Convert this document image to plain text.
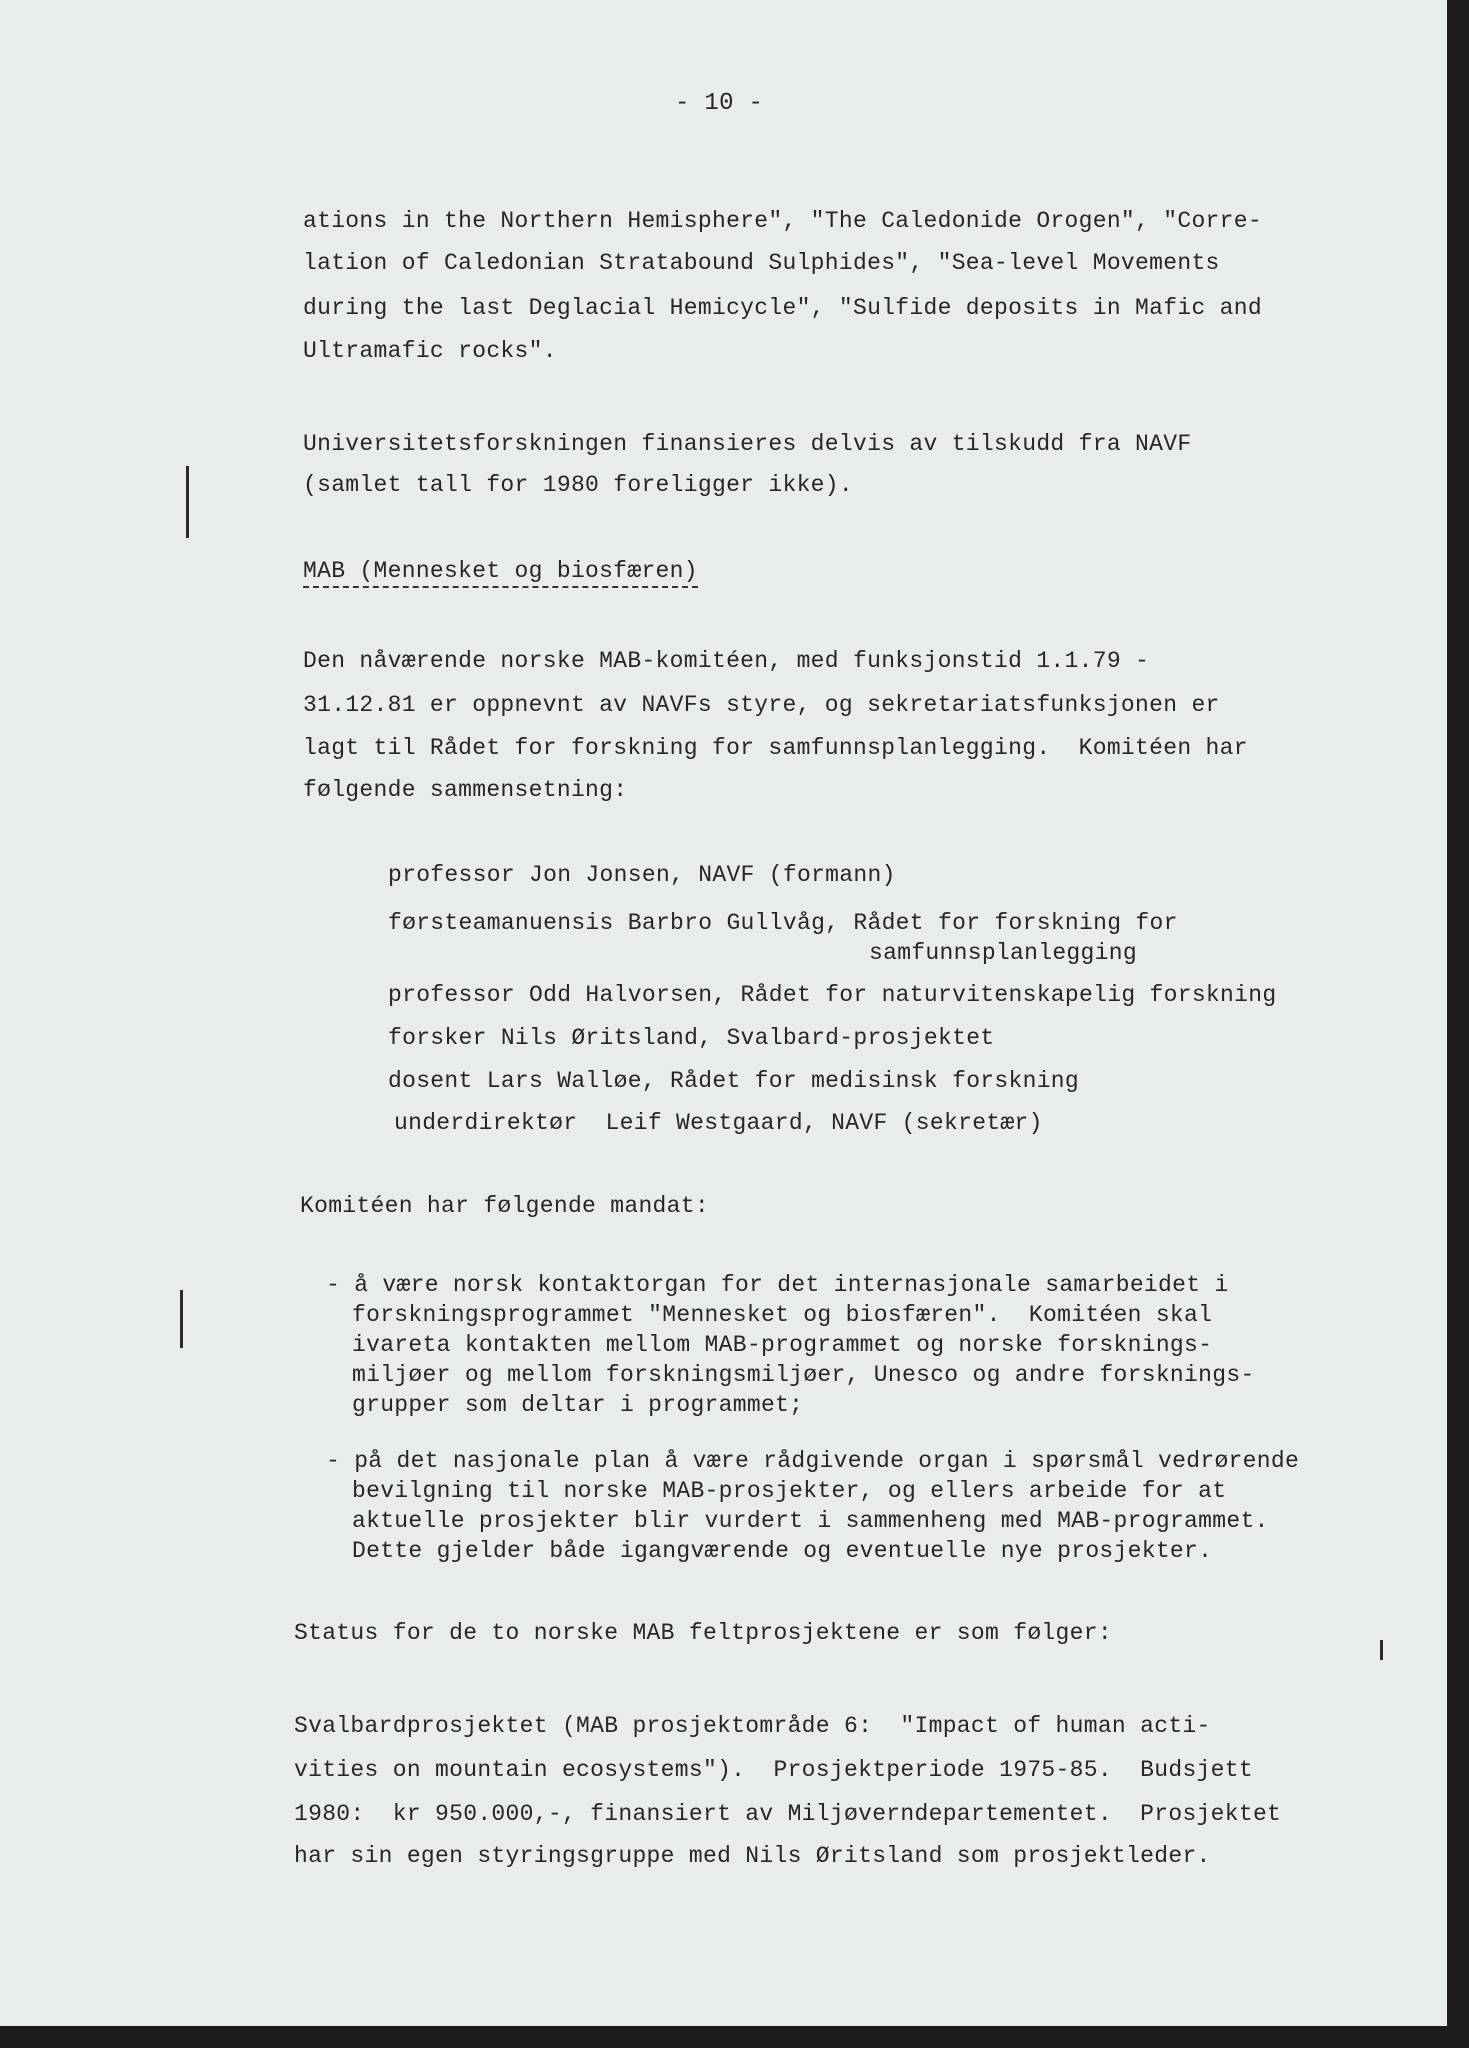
- 10 -
ations in the Northern Hemisphere", "The Caledonide Orogen", "Corre-
lation of Caledonian Stratabound Sulphides", "Sea-level Movements
during the last Deglacial Hemicycle", "Sulfide deposits in Mafic and
Ultramafic rocks".
Universitetsforskningen finansieres delvis av tilskudd fra NAVF
(samlet tall for 1980 foreligger ikke).
MAB (Mennesket og biosfæren)
Den nåværende norske MAB-komitéen, med funksjonstid 1.1.79 -
31.12.81 er oppnevnt av NAVFs styre, og sekretariatsfunksjonen er
lagt til Rådet for forskning for samfunnsplanlegging.  Komitéen har
følgende sammensetning:
professor Jon Jonsen, NAVF (formann)
førsteamanuensis Barbro Gullvåg, Rådet for forskning for
samfunnsplanlegging
professor Odd Halvorsen, Rådet for naturvitenskapelig forskning
forsker Nils Øritsland, Svalbard-prosjektet
dosent Lars Walløe, Rådet for medisinsk forskning
underdirektør  Leif Westgaard, NAVF (sekretær)
Komitéen har følgende mandat:
- å være norsk kontaktorgan for det internasjonale samarbeidet i
forskningsprogrammet "Mennesket og biosfæren".  Komitéen skal
ivareta kontakten mellom MAB-programmet og norske forsknings-
miljøer og mellom forskningsmiljøer, Unesco og andre forsknings-
grupper som deltar i programmet;
- på det nasjonale plan å være rådgivende organ i spørsmål vedrørende
bevilgning til norske MAB-prosjekter, og ellers arbeide for at
aktuelle prosjekter blir vurdert i sammenheng med MAB-programmet.
Dette gjelder både igangværende og eventuelle nye prosjekter.
Status for de to norske MAB feltprosjektene er som følger:
Svalbardprosjektet (MAB prosjektområde 6:  "Impact of human acti-
vities on mountain ecosystems").  Prosjektperiode 1975-85.  Budsjett
1980:  kr 950.000,-, finansiert av Miljøverndepartementet.  Prosjektet
har sin egen styringsgruppe med Nils Øritsland som prosjektleder.
